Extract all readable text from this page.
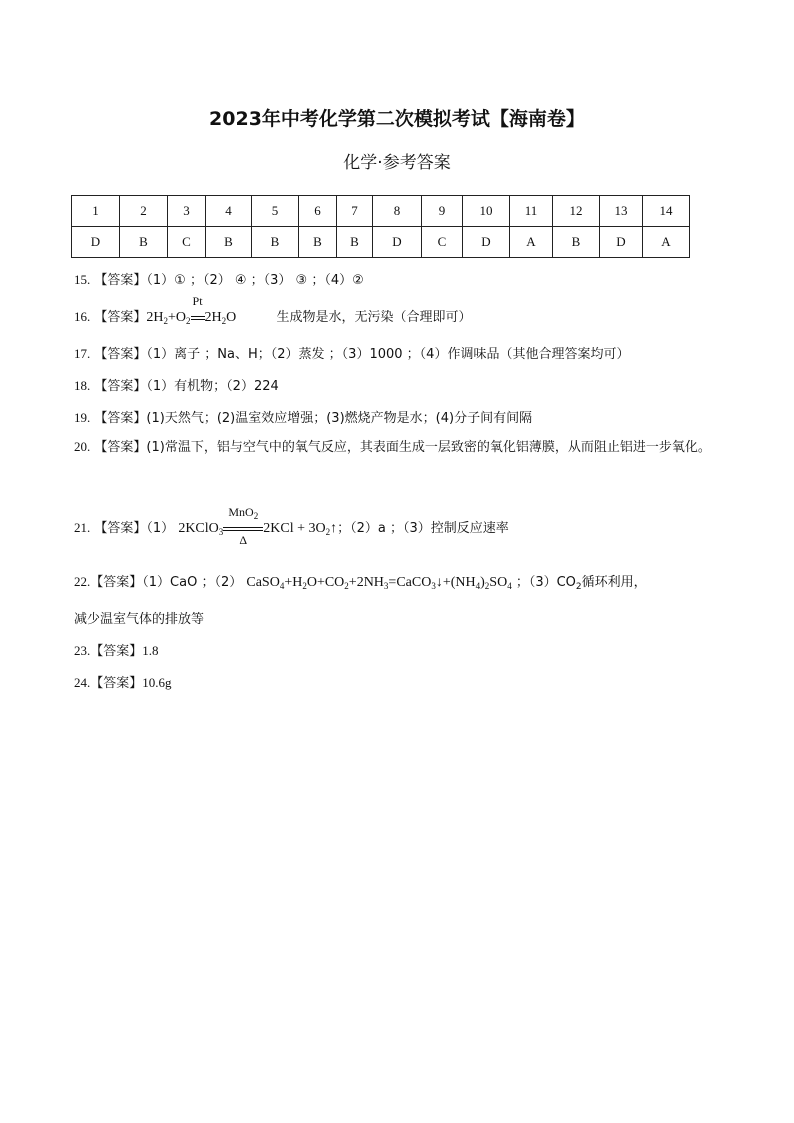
2023年中考化学第二次模拟考试【海南卷】
化学·参考答案
1	2	3	4	5	6	7	8	9	10	11	12	13	14
D	B	C	B	B	B	B	D	C	D	A	B	D	A
15. 【答案】（1）① ；（2） ④ ；（3） ③ ；（4）②
16. 【答案】$2H_2+O_2$
Pt
$2H_2O$	生成物是水，无污染（合理即可）
17. 【答案】（1）离子 ；Na、H；（2）蒸发 ；（3）1000 ；（4）作调味品（其他合理答案均可）
18. 【答案】（1）有机物；（2）224
19. 【答案】(1)天然气；(2)温室效应增强；(3)燃烧产物是水；(4)分子间有间隔
20. 【答案】(1)常温下，铝与空气中的氧气反应，其表面生成一层致密的氧化铝薄膜，从而阻止铝进一步氧化。
21. 【答案】（1） 2KClO$_3$
MnO$_2$
Δ
$2KCl + 3O_2↑$；（2）a ；（3）控制反应速率
22.【答案】（1）CaO ；（2） $CaSO_4+H_2O+CO_2+2NH_3=CaCO_3↓+(NH_4)_2SO_4$ ；$(3)CO_2$循环利用，
减少温室气体的排放等
23.【答案】1.8
24.【答案】10.6g
